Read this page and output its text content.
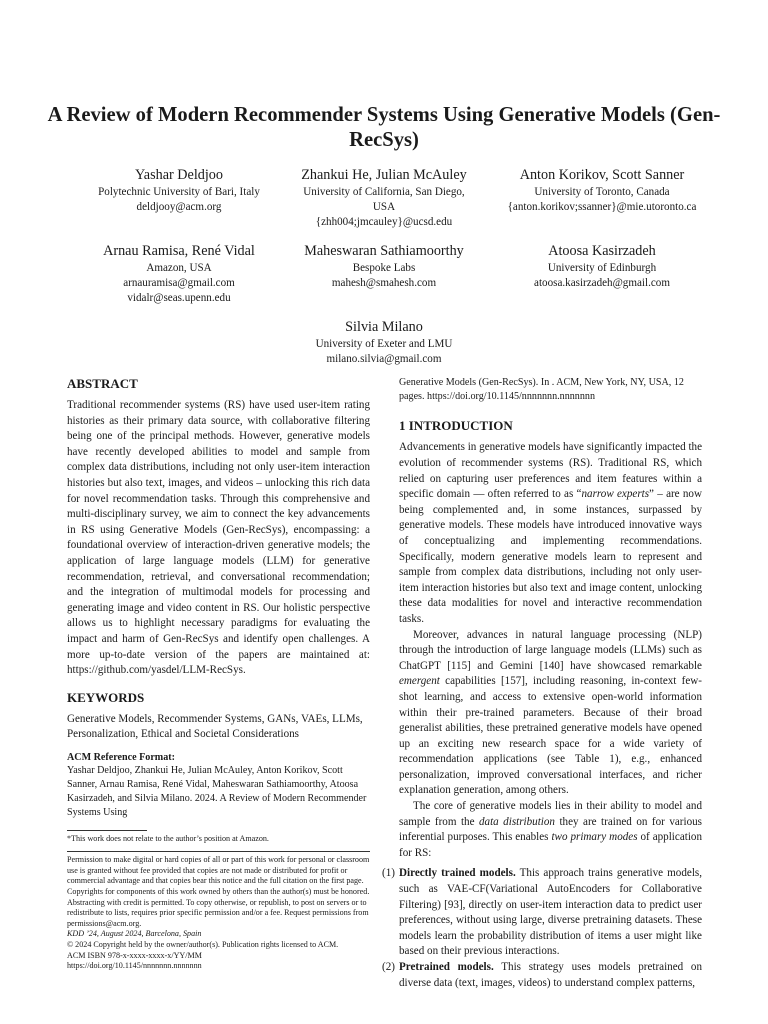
A Review of Modern Recommender Systems Using Generative Models (Gen-RecSys)
Yashar Deldjoo
Polytechnic University of Bari, Italy
deldjooy@acm.org
Zhankui He, Julian McAuley
University of California, San Diego,
USA
{zhh004;jmcauley}@ucsd.edu
Anton Korikov, Scott Sanner
University of Toronto, Canada
{anton.korikov;ssanner}@mie.utoronto.ca
Arnau Ramisa, René Vidal
Amazon, USA
arnauramisa@gmail.com
vidalr@seas.upenn.edu
Maheswaran Sathiamoorthy
Bespoke Labs
mahesh@smahesh.com
Atoosa Kasirzadeh
University of Edinburgh
atoosa.kasirzadeh@gmail.com
Silvia Milano
University of Exeter and LMU
milano.silvia@gmail.com
ABSTRACT

Traditional recommender systems (RS) have used user-item rating histories as their primary data source, with collaborative filtering being one of the principal methods. However, generative models have recently developed abilities to model and sample from complex data distributions, including not only user-item interaction histories but also text, images, and videos – unlocking this rich data for novel recommendation tasks. Through this comprehensive and multi-disciplinary survey, we aim to connect the key advancements in RS using Generative Models (Gen-RecSys), encompassing: a foundational overview of interaction-driven generative models; the application of large language models (LLM) for generative recommendation, retrieval, and conversational recommendation; and the integration of multimodal models for processing and generating image and video content in RS. Our holistic perspective allows us to highlight necessary paradigms for evaluating the impact and harm of Gen-RecSys and identify open challenges. A more up-to-date version of the papers are maintained at: https://github.com/yasdel/LLM-RecSys.

KEYWORDS

Generative Models, Recommender Systems, GANs, VAEs, LLMs, Personalization, Ethical and Societal Considerations

ACM Reference Format:
Yashar Deldjoo, Zhankui He, Julian McAuley, Anton Korikov, Scott Sanner, Arnau Ramisa, René Vidal, Maheswaran Sathiamoorthy, Atoosa Kasirzadeh, and Silvia Milano. 2024. A Review of Modern Recommender Systems Using
*This work does not relate to the author’s position at Amazon.
Permission to make digital or hard copies of all or part of this work for personal or classroom use is granted without fee provided that copies are not made or distributed for profit or commercial advantage and that copies bear this notice and the full citation on the first page. Copyrights for components of this work owned by others than the author(s) must be honored. Abstracting with credit is permitted. To copy otherwise, or republish, to post on servers or to redistribute to lists, requires prior specific permission and/or a fee. Request permissions from permissions@acm.org.
KDD ’24, August 2024, Barcelona, Spain
© 2024 Copyright held by the owner/author(s). Publication rights licensed to ACM.
ACM ISBN 978-x-xxxx-xxxx-x/YY/MM
https://doi.org/10.1145/nnnnnnn.nnnnnnn
Generative Models (Gen-RecSys). In . ACM, New York, NY, USA, 12 pages. https://doi.org/10.1145/nnnnnnn.nnnnnnn
1 INTRODUCTION

Advancements in generative models have significantly impacted the evolution of recommender systems (RS). Traditional RS, which relied on capturing user preferences and item features within a specific domain — often referred to as “narrow experts” – are now being complemented and, in some instances, surpassed by generative models. These models have introduced innovative ways of conceptualizing and implementing recommendations. Specifically, modern generative models learn to represent and sample from complex data distributions, including not only user-item interaction histories but also text and image content, unlocking these data modalities for novel and interactive recommendation tasks.

Moreover, advances in natural language processing (NLP) through the introduction of large language models (LLMs) such as ChatGPT [115] and Gemini [140] have showcased remarkable emergent capabilities [157], including reasoning, in-context few-shot learning, and access to extensive open-world information within their pre-trained parameters. Because of their broad generalist abilities, these pretrained generative models have opened up an exciting new research space for a wide variety of recommendation applications (see Table 1), e.g., enhanced personalization, improved conversational interfaces, and richer explanation generation, among others.

The core of generative models lies in their ability to model and sample from the data distribution they are trained on for various inferential purposes. This enables two primary modes of application for RS:

(1) Directly trained models. This approach trains generative models, such as VAE-CF(Variational AutoEncoders for Collaborative Filtering) [93], directly on user-item interaction data to predict user preferences, without using large, diverse pretraining datasets. These models learn the probability distribution of items a user might like based on their previous interactions.

(2) Pretrained models. This strategy uses models pretrained on diverse data (text, images, videos) to understand complex patterns,
